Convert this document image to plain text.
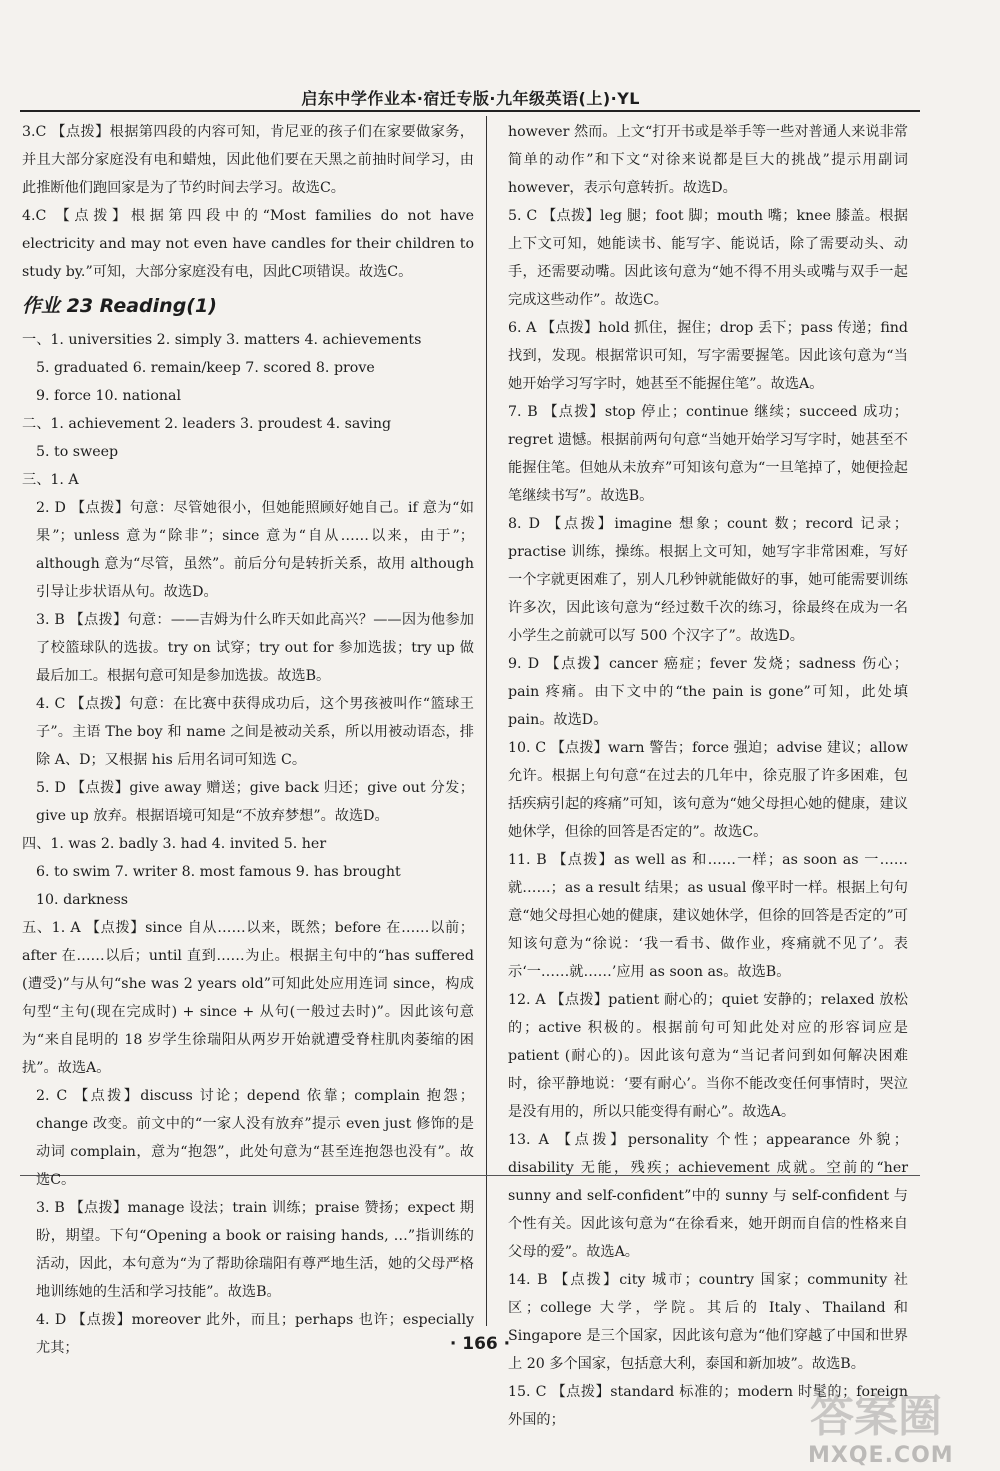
启东中学作业本·宿迁专版·九年级英语(上)·YL

3.C 【点拨】根据第四段的内容可知，肯尼亚的孩子们在家要做家务，并且大部分家庭没有电和蜡烛，因此他们要在天黑之前抽时间学习，由此推断他们跑回家是为了节约时间去学习。故选C。

4.C 【点拨】根据第四段中的“Most families do not have electricity and may not even have candles for their children to study by.”可知，大部分家庭没有电，因此C项错误。故选C。

作业 23 Reading(1)

一、1. universities 2. simply 3. matters 4. achievements

5. graduated 6. remain/keep 7. scored 8. prove

9. force 10. national

二、1. achievement 2. leaders 3. proudest 4. saving

5. to sweep

三、1. A

2. D 【点拨】句意：尽管她很小，但她能照顾好她自己。if 意为“如果”；unless 意为“除非”；since 意为“自从……以来，由于”；although 意为“尽管，虽然”。前后分句是转折关系，故用 although 引导让步状语从句。故选D。

3. B 【点拨】句意：——吉姆为什么昨天如此高兴？——因为他参加了校篮球队的选拔。try on 试穿；try out for 参加选拔；try up 做最后加工。根据句意可知是参加选拔。故选B。

4. C 【点拨】句意：在比赛中获得成功后，这个男孩被叫作“篮球王子”。主语 The boy 和 name 之间是被动关系，所以用被动语态，排除 A、D；又根据 his 后用名词可知选 C。

5. D 【点拨】give away 赠送；give back 归还；give out 分发；give up 放弃。根据语境可知是“不放弃梦想”。故选D。

四、1. was 2. badly 3. had 4. invited 5. her

6. to swim 7. writer 8. most famous 9. has brought

10. darkness

五、1. A 【点拨】since 自从……以来，既然；before 在……以前；after 在……以后；until 直到……为止。根据主句中的“has suffered (遭受)”与从句“she was 2 years old”可知此处应用连词 since，构成句型“主句(现在完成时) + since + 从句(一般过去时)”。因此该句意为“来自昆明的 18 岁学生徐瑞阳从两岁开始就遭受脊柱肌肉萎缩的困扰”。故选A。

2. C 【点拨】discuss 讨论；depend 依靠；complain 抱怨；change 改变。前文中的“一家人没有放弃”提示 even just 修饰的是动词 complain，意为“抱怨”，此处句意为“甚至连抱怨也没有”。故选C。

3. B 【点拨】manage 设法；train 训练；praise 赞扬；expect 期盼，期望。下句“Opening a book or raising hands, …”指训练的活动，因此，本句意为“为了帮助徐瑞阳有尊严地生活，她的父母严格地训练她的生活和学习技能”。故选B。

4. D 【点拨】moreover 此外，而且；perhaps 也许；especially 尤其；

however 然而。上文“打开书或是举手等一些对普通人来说非常简单的动作”和下文“对徐来说都是巨大的挑战”提示用副词 however，表示句意转折。故选D。

5. C 【点拨】leg 腿；foot 脚；mouth 嘴；knee 膝盖。根据上下文可知，她能读书、能写字、能说话，除了需要动头、动手，还需要动嘴。因此该句意为“她不得不用头或嘴与双手一起完成这些动作”。故选C。

6. A 【点拨】hold 抓住，握住；drop 丢下；pass 传递；find 找到，发现。根据常识可知，写字需要握笔。因此该句意为“当她开始学习写字时，她甚至不能握住笔”。故选A。

7. B 【点拨】stop 停止；continue 继续；succeed 成功；regret 遗憾。根据前两句句意“当她开始学习写字时，她甚至不能握住笔。但她从未放弃”可知该句意为“一旦笔掉了，她便捡起笔继续书写”。故选B。

8. D 【点拨】imagine 想象；count 数；record 记录；practise 训练，操练。根据上文可知，她写字非常困难，写好一个字就更困难了，别人几秒钟就能做好的事，她可能需要训练许多次，因此该句意为“经过数千次的练习，徐最终在成为一名小学生之前就可以写 500 个汉字了”。故选D。

9. D 【点拨】cancer 癌症；fever 发烧；sadness 伤心；pain 疼痛。由下文中的“the pain is gone”可知，此处填 pain。故选D。

10. C 【点拨】warn 警告；force 强迫；advise 建议；allow 允许。根据上句句意“在过去的几年中，徐克服了许多困难，包括疾病引起的疼痛”可知，该句意为“她父母担心她的健康，建议她休学，但徐的回答是否定的”。故选C。

11. B 【点拨】as well as 和……一样；as soon as 一……就……；as a result 结果；as usual 像平时一样。根据上句句意“她父母担心她的健康，建议她休学，但徐的回答是否定的”可知该句意为“徐说：‘我一看书、做作业，疼痛就不见了’。表示‘一……就……’应用 as soon as。故选B。

12. A 【点拨】patient 耐心的；quiet 安静的；relaxed 放松的；active 积极的。根据前句可知此处对应的形容词应是 patient (耐心的)。因此该句意为“当记者问到如何解决困难时，徐平静地说：‘要有耐心’。当你不能改变任何事情时，哭泣是没有用的，所以只能变得有耐心”。故选A。

13. A 【点拨】personality 个性；appearance 外貌；disability 无能，残疾；achievement 成就。空前的“her sunny and self-confident”中的 sunny 与 self-confident 与个性有关。因此该句意为“在徐看来，她开朗而自信的性格来自父母的爱”。故选A。

14. B 【点拨】city 城市；country 国家；community 社区；college 大学，学院。其后的 Italy、Thailand 和 Singapore 是三个国家，因此该句意为“他们穿越了中国和世界上 20 多个国家，包括意大利，泰国和新加坡”。故选B。

15. C 【点拨】standard 标准的；modern 时髦的；foreign 外国的；

· 166 ·
答案圈
MXQE.COM
